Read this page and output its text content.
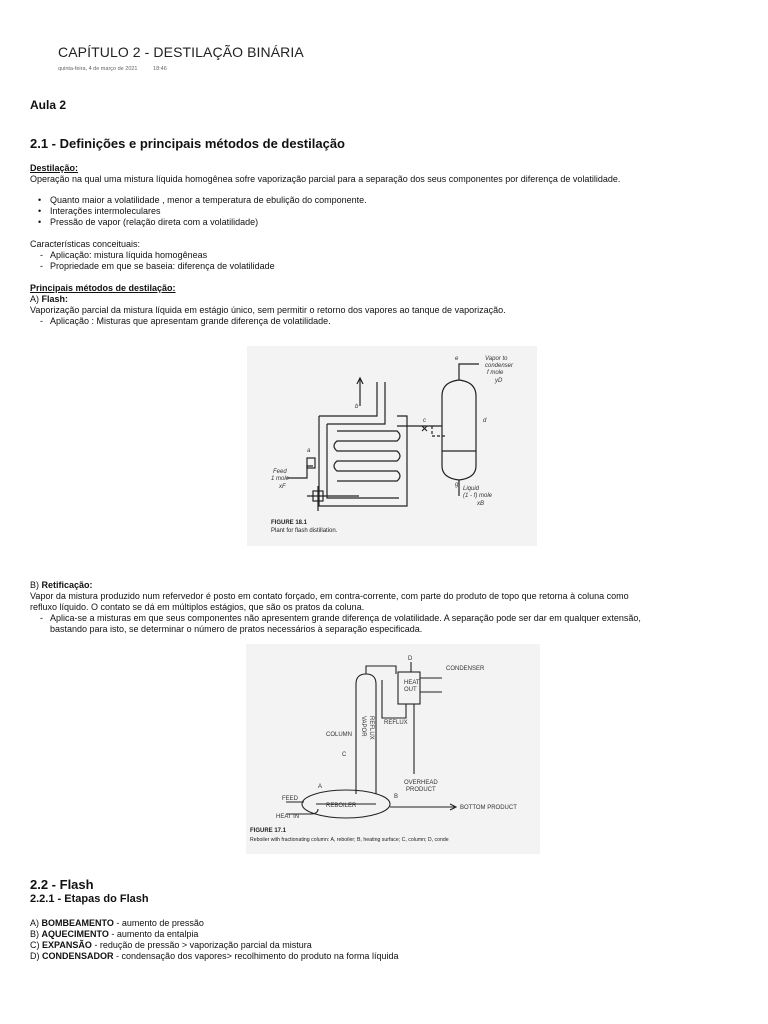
CAPÍTULO 2 - DESTILAÇÃO BINÁRIA
quinta-feira, 4 de março de 2021	18:46
Aula 2
2.1 - Definições e principais métodos de destilação
Destilação:
Operação na qual uma mistura líquida homogênea sofre vaporização parcial para a separação dos seus componentes por diferença de volatilidade.
• Quanto maior a volatilidade , menor a temperatura de ebulição do componente.
• Interações intermoleculares
• Pressão de vapor (relação direta com a volatilidade)
Características conceituais:
- Aplicação: mistura líquida homogêneas
- Propriedade em que se baseia: diferença de volatilidade
Principais métodos de destilação:
A) Flash:
Vaporização parcial da mistura líquida em estágio único, sem permitir o retorno dos vapores ao tanque de vaporização.
- Aplicação : Misturas que apresentam grande diferença de volatilidade.
Vapor to
condenser
f mole
yD
e
b
c	d
a
g
Feed
1 mole
xF	Liquid
(1 - f) mole
xB
FIGURE 18.1
Plant for flash distillation.
B) Retificação:
Vapor da mistura produzido num refervedor é posto em contato forçado, em contra-corrente, com parte do produto de topo que retorna à coluna como
refluxo líquido. O contato se dá em múltiplos estágios, que são os pratos da coluna.
- Aplica-se a misturas em que seus componentes não apresentem grande diferença de volatilidade. A separação pode ser dar em qualquer extensão,
bastando para isto, se determinar o número de pratos necessários à separação especificada.
CONDENSER
D
HEAT
OUT
REFLUX
COLUMN
C
VAPOR REFLUX
OVERHEAD
PRODUCT
A
B
FEED
HEAT IN
REBOILER	BOTTOM PRODUCT
FIGURE 17.1
Reboiler with fractionating column: A, reboiler; B, heating surface; C, column; D, conde
2.2 - Flash
2.2.1 - Etapas do Flash
A) BOMBEAMENTO - aumento de pressão
B) AQUECIMENTO - aumento da entalpia
C) EXPANSÃO - redução de pressão > vaporização parcial da mistura
D) CONDENSADOR - condensação dos vapores> recolhimento do produto na forma líquida
